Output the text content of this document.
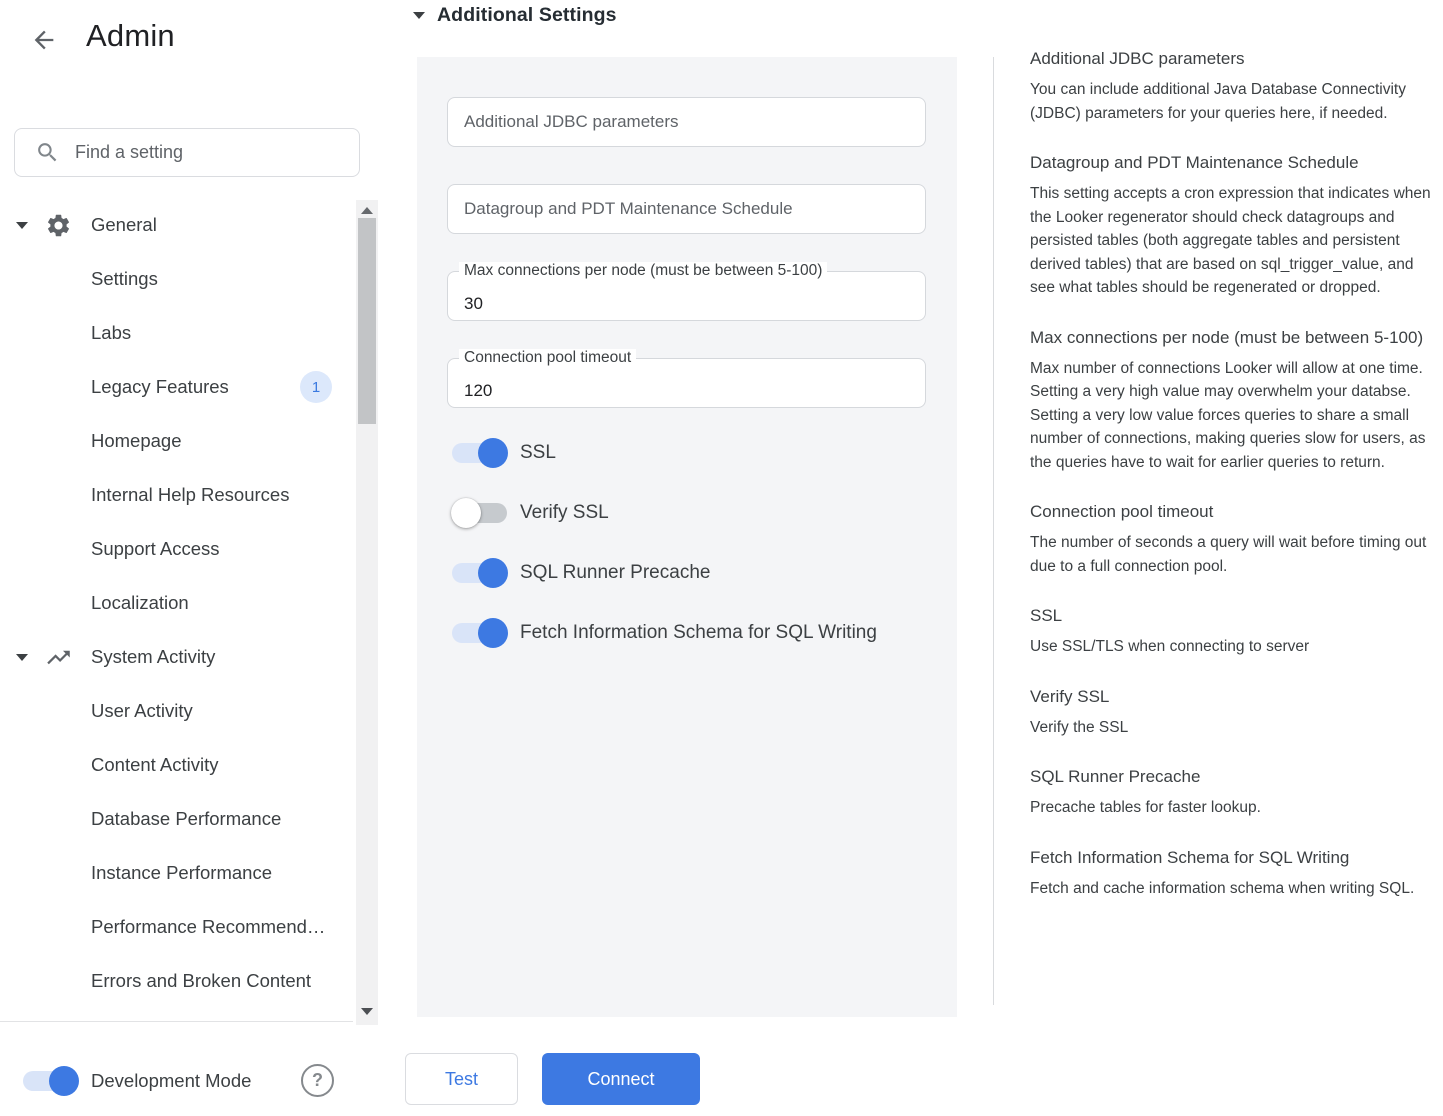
Admin
Find a setting
General
Settings
Labs
Legacy Features	1
Homepage
Internal Help Resources
Support Access
Localization
System Activity
User Activity
Content Activity
Database Performance
Instance Performance
Performance Recommend…
Errors and Broken Content
Development Mode	?
Additional Settings
Additional JDBC parameters
Datagroup and PDT Maintenance Schedule
Max connections per node (must be between 5-100)
30
Connection pool timeout
120
SSL
Verify SSL
SQL Runner Precache
Fetch Information Schema for SQL Writing
Test	Connect
Additional JDBC parameters
You can include additional Java Database Connectivity (JDBC) parameters for your queries here, if needed.
Datagroup and PDT Maintenance Schedule
This setting accepts a cron expression that indicates when the Looker regenerator should check datagroups and persisted tables (both aggregate tables and persistent derived tables) that are based on sql_trigger_value, and see what tables should be regenerated or dropped.
Max connections per node (must be between 5-100)
Max number of connections Looker will allow at one time. Setting a very high value may overwhelm your databse. Setting a very low value forces queries to share a small number of connections, making queries slow for users, as the queries have to wait for earlier queries to return.
Connection pool timeout
The number of seconds a query will wait before timing out due to a full connection pool.
SSL
Use SSL/TLS when connecting to server
Verify SSL
Verify the SSL
SQL Runner Precache
Precache tables for faster lookup.
Fetch Information Schema for SQL Writing
Fetch and cache information schema when writing SQL.
